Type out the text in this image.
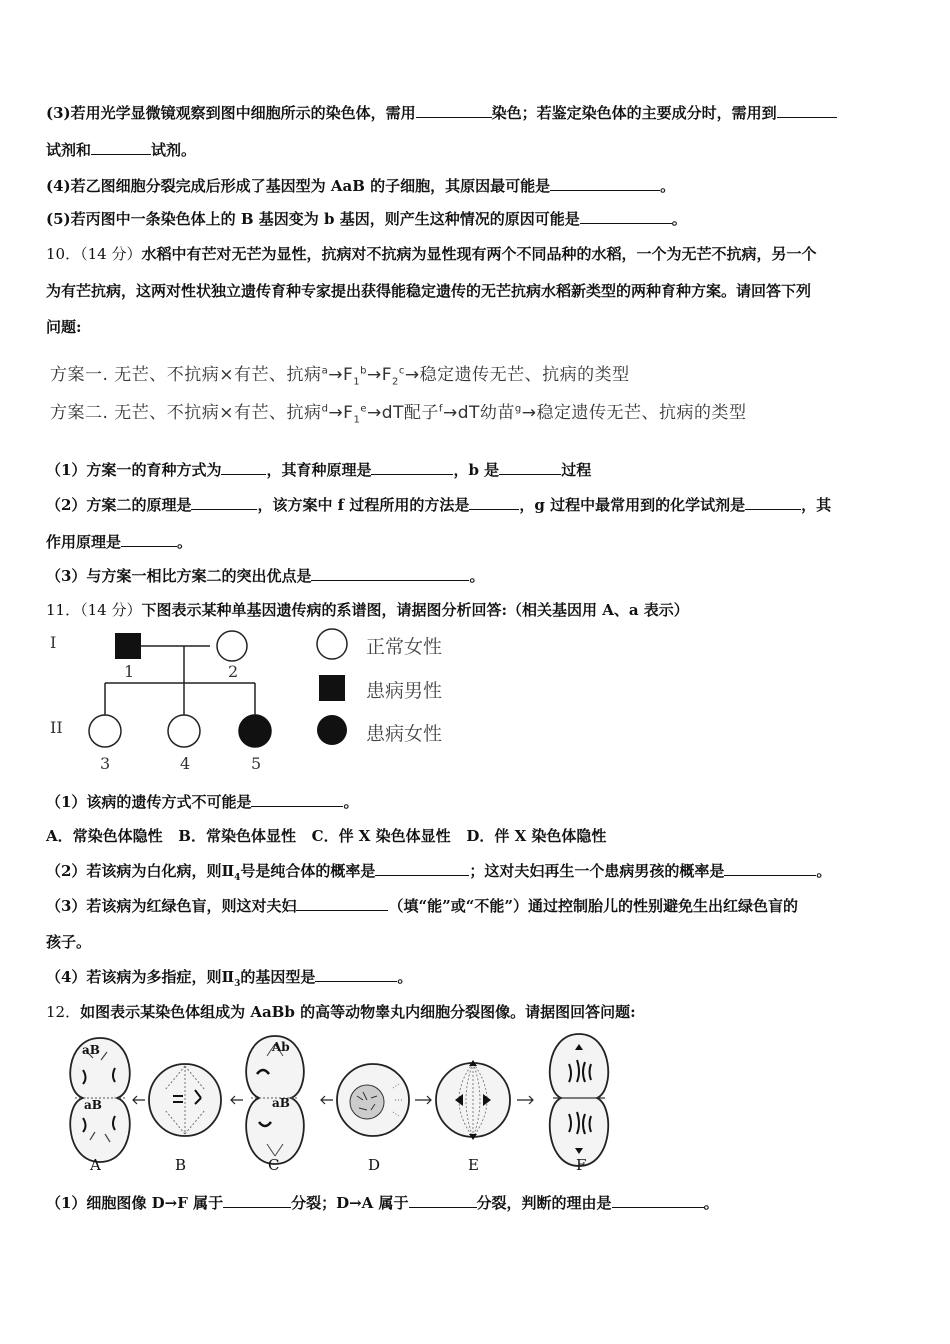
(3)若用光学显微镜观察到图中细胞所示的染色体，需用	染色；若鉴定染色体的主要成分时，需用到
试剂和	试剂。
(4)若乙图细胞分裂完成后形成了基因型为 AaB 的子细胞，其原因最可能是	。
(5)若丙图中一条染色体上的 B 基因变为 b 基因，则产生这种情况的原因可能是	。
10．（14 分）水稻中有芒对无芒为显性，抗病对不抗病为显性现有两个不同品种的水稻，一个为无芒不抗病，另一个
为有芒抗病，这两对性状独立遗传育种专家提出获得能稳定遗传的无芒抗病水稻新类型的两种育种方案。请回答下列
问题:
方案一. 无芒、不抗病×有芒、抗病$^a\to F_1^b\to F_2^c\to$稳定遗传无芒、抗病的类型
方案二. 无芒、不抗病×有芒、抗病$^d\to F_1^e\to dT$配子$^f$→dT幼苗$^g$→稳定遗传无芒、抗病的类型
（1）方案一的育种方式为	，其育种原理是	，b 是	过程
（2）方案二的原理是	，该方案中 f 过程所用的方法是	，g 过程中最常用到的化学试剂是	，其
作用原理是	。
（3）与方案一相比方案二的突出优点是	。
11．（14 分）下图表示某种单基因遗传病的系谱图，请据图分析回答:（相关基因用 A、a 表示）
I
II
1	2
3	4	5
正常女性
患病男性
患病女性
（1）该病的遗传方式不可能是	。
A．常染色体隐性   B．常染色体显性   C．伴 X 染色体显性   D．伴 X 染色体隐性
（2）若该病为白化病，则$Ⅱ_4$号是纯合体的概率是	；这对夫妇再生一个患病男孩的概率是	。
（3）若该病为红绿色盲，则这对夫妇	（填“能”或“不能”）通过控制胎儿的性别避免生出红绿色盲的
孩子。
（4）若该病为多指症，则$Ⅱ_3$的基因型是	。
12．如图表示某染色体组成为 AaBb 的高等动物睾丸内细胞分裂图像。请据图回答问题:
aB
aB
Ab
aB
A	B	C	D	E	F
（1）细胞图像 D→F 属于	分裂；D→A 属于	分裂，判断的理由是	。
